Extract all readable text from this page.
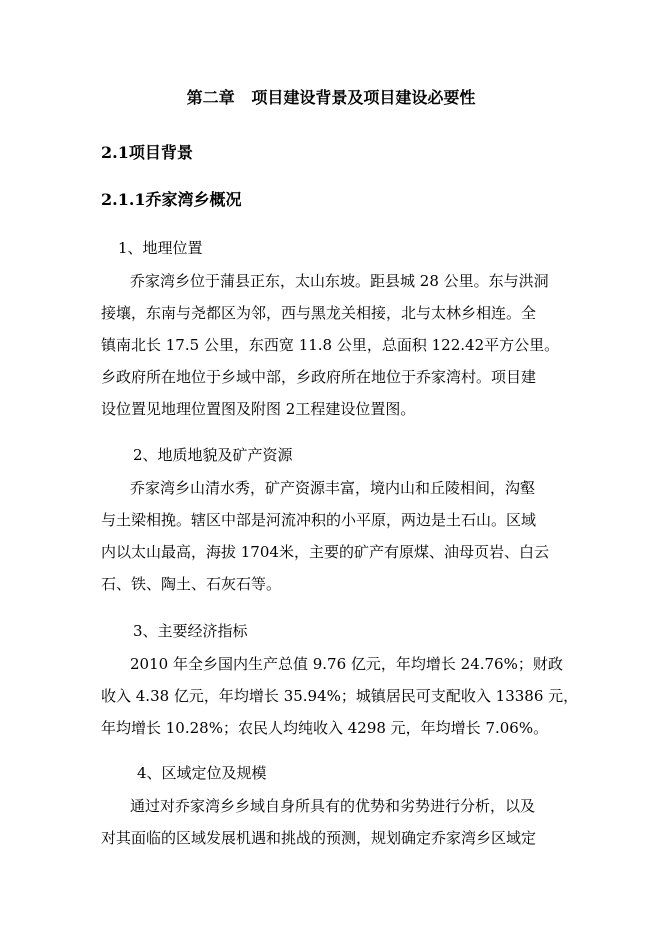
第二章   项目建设背景及项目建设必要性
2.1项目背景
2.1.1乔家湾乡概况
1、地理位置
乔家湾乡位于蒲县正东，太山东坡。距县城 28 公里。东与洪洞
接壤，东南与尧都区为邻，西与黑龙关相接，北与太林乡相连。全
镇南北长 17.5 公里，东西宽 11.8 公里，总面积 122.42平方公里。
乡政府所在地位于乡域中部，乡政府所在地位于乔家湾村。项目建
设位置见地理位置图及附图 2工程建设位置图。
2、地质地貌及矿产资源
乔家湾乡山清水秀，矿产资源丰富，境内山和丘陵相间，沟壑
与土梁相挽。辖区中部是河流冲积的小平原，两边是土石山。区域
内以太山最高，海拔 1704米，主要的矿产有原煤、油母页岩、白云
石、铁、陶土、石灰石等。
3、主要经济指标
2010 年全乡国内生产总值 9.76 亿元，年均增长 24.76%；财政
收入 4.38 亿元，年均增长 35.94%；城镇居民可支配收入 13386 元，
年均增长 10.28%；农民人均纯收入 4298 元，年均增长 7.06%。
4、区域定位及规模
通过对乔家湾乡乡域自身所具有的优势和劣势进行分析，以及
对其面临的区域发展机遇和挑战的预测，规划确定乔家湾乡区域定
